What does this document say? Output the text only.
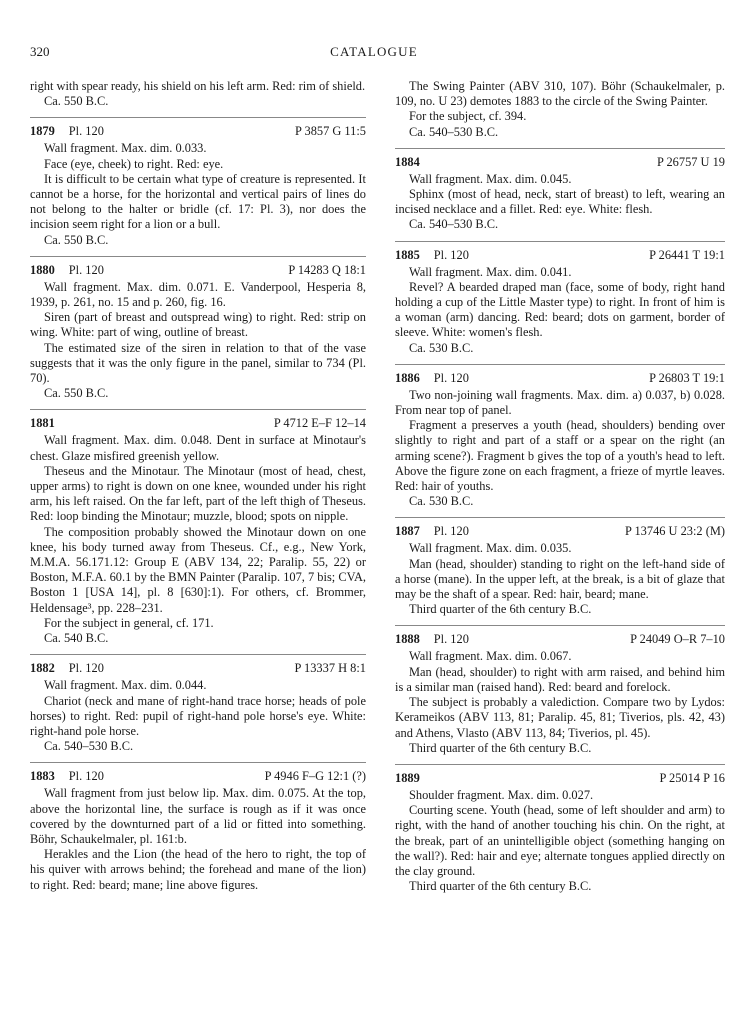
320	CATALOGUE

right with spear ready, his shield on his left arm. Red: rim of shield.

Ca. 550 B.C.

1879 Pl. 120	P 3857 G 11:5

Wall fragment. Max. dim. 0.033.

Face (eye, cheek) to right. Red: eye.

It is difficult to be certain what type of creature is represented. It cannot be a horse, for the horizontal and vertical pairs of lines do not belong to the halter or bridle (cf. 17: Pl. 3), nor does the incision seem right for a lion or a bull.

Ca. 550 B.C.

1880 Pl. 120	P 14283 Q 18:1

Wall fragment. Max. dim. 0.071. E. Vanderpool, Hesperia 8, 1939, p. 261, no. 15 and p. 260, fig. 16.

Siren (part of breast and outspread wing) to right. Red: strip on wing. White: part of wing, outline of breast.

The estimated size of the siren in relation to that of the vase suggests that it was the only figure in the panel, similar to 734 (Pl. 70).

Ca. 550 B.C.

1881	P 4712 E–F 12–14

Wall fragment. Max. dim. 0.048. Dent in surface at Minotaur's chest. Glaze misfired greenish yellow.

Theseus and the Minotaur. The Minotaur (most of head, chest, upper arms) to right is down on one knee, wounded under his right arm, his left raised. On the far left, part of the left thigh of Theseus. Red: loop binding the Minotaur; muzzle, blood; spots on nipple.

The composition probably showed the Minotaur down on one knee, his body turned away from Theseus. Cf., e.g., New York, M.M.A. 56.171.12: Group E (ABV 134, 22; Paralip. 55, 22) or Boston, M.F.A. 60.1 by the BMN Painter (Paralip. 107, 7 bis; CVA, Boston 1 [USA 14], pl. 8 [630]:1). For others, cf. Brommer, Heldensage³, pp. 228–231.

For the subject in general, cf. 171.

Ca. 540 B.C.

1882 Pl. 120	P 13337 H 8:1

Wall fragment. Max. dim. 0.044.

Chariot (neck and mane of right-hand trace horse; heads of pole horses) to right. Red: pupil of right-hand pole horse's eye. White: right-hand pole horse.

Ca. 540–530 B.C.

1883 Pl. 120	P 4946 F–G 12:1 (?)

Wall fragment from just below lip. Max. dim. 0.075. At the top, above the horizontal line, the surface is rough as if it was once covered by the downturned part of a lid or fitted into something. Böhr, Schaukelmaler, pl. 161:b.

Herakles and the Lion (the head of the hero to right, the top of his quiver with arrows behind; the forehead and mane of the lion) to right. Red: beard; mane; line above figures.

The Swing Painter (ABV 310, 107). Böhr (Schaukelmaler, p. 109, no. U 23) demotes 1883 to the circle of the Swing Painter.

For the subject, cf. 394.

Ca. 540–530 B.C.

1884	P 26757 U 19

Wall fragment. Max. dim. 0.045.

Sphinx (most of head, neck, start of breast) to left, wearing an incised necklace and a fillet. Red: eye. White: flesh.

Ca. 540–530 B.C.

1885 Pl. 120	P 26441 T 19:1

Wall fragment. Max. dim. 0.041.

Revel? A bearded draped man (face, some of body, right hand holding a cup of the Little Master type) to right. In front of him is a woman (arm) dancing. Red: beard; dots on garment, border of sleeve. White: women's flesh.

Ca. 530 B.C.

1886 Pl. 120	P 26803 T 19:1

Two non-joining wall fragments. Max. dim. a) 0.037, b) 0.028. From near top of panel.

Fragment a preserves a youth (head, shoulders) bending over slightly to right and part of a staff or a spear on the right (an arming scene?). Fragment b gives the top of a youth's head to left. Above the figure zone on each fragment, a frieze of myrtle leaves. Red: hair of youths.

Ca. 530 B.C.

1887 Pl. 120	P 13746 U 23:2 (M)

Wall fragment. Max. dim. 0.035.

Man (head, shoulder) standing to right on the left-hand side of a horse (mane). In the upper left, at the break, is a bit of glaze that may be the shaft of a spear. Red: hair, beard; mane.

Third quarter of the 6th century B.C.

1888 Pl. 120	P 24049 O–R 7–10

Wall fragment. Max. dim. 0.067.

Man (head, shoulder) to right with arm raised, and behind him is a similar man (raised hand). Red: beard and forelock.

The subject is probably a valediction. Compare two by Lydos: Kerameikos (ABV 113, 81; Paralip. 45, 81; Tiverios, pls. 42, 43) and Athens, Vlasto (ABV 113, 84; Tiverios, pl. 45).

Third quarter of the 6th century B.C.

1889	P 25014 P 16

Shoulder fragment. Max. dim. 0.027.

Courting scene. Youth (head, some of left shoulder and arm) to right, with the hand of another touching his chin. On the right, at the break, part of an unintelligible object (something hanging on the wall?). Red: hair and eye; alternate tongues applied directly on the clay ground.

Third quarter of the 6th century B.C.
